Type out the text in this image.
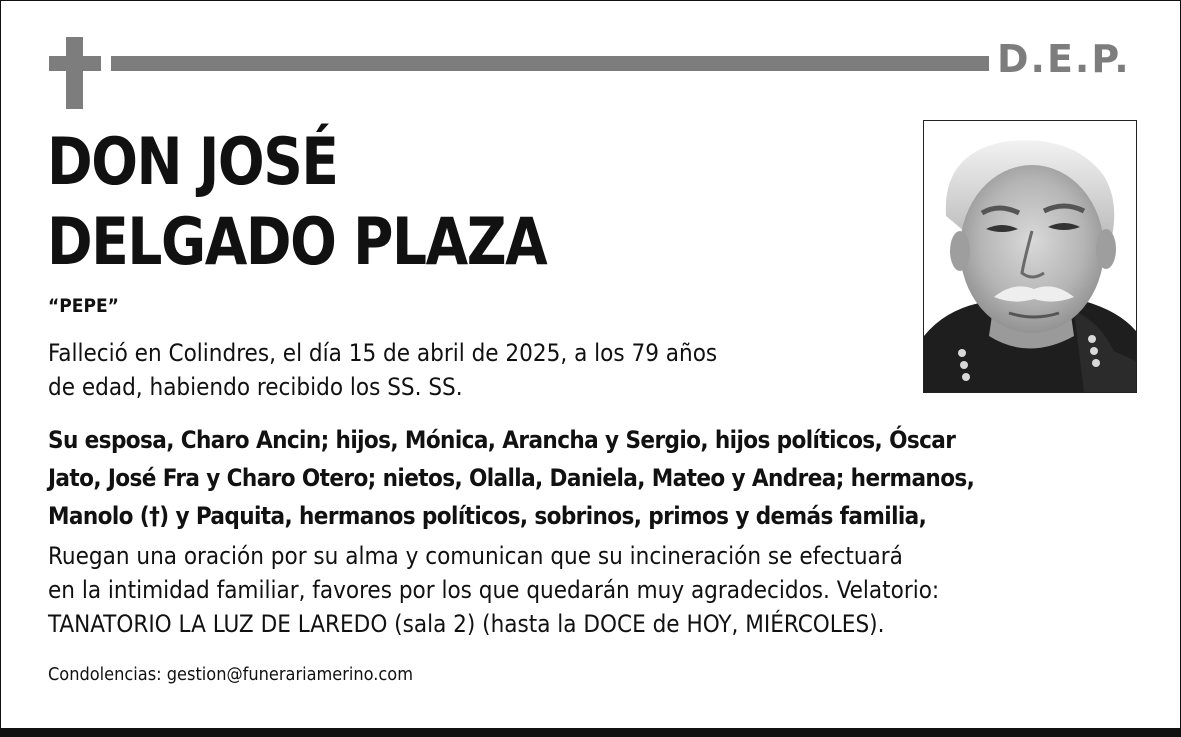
D.E.P.
DON JOSÉ
DELGADO PLAZA
“PEPE”
Falleció en Colindres, el día 15 de abril de 2025, a los 79 años
de edad, habiendo recibido los SS. SS.
Su esposa, Charo Ancin; hijos, Mónica, Arancha y Sergio, hijos políticos, Óscar
Jato, José Fra y Charo Otero; nietos, Olalla, Daniela, Mateo y Andrea; hermanos,
Manolo (†) y Paquita, hermanos políticos, sobrinos, primos y demás familia,
Ruegan una oración por su alma y comunican que su incineración se efectuará
en la intimidad familiar, favores por los que quedarán muy agradecidos. Velatorio:
TANATORIO LA LUZ DE LAREDO (sala 2) (hasta la DOCE de HOY, MIÉRCOLES).
Condolencias: gestion@funerariamerino.com
